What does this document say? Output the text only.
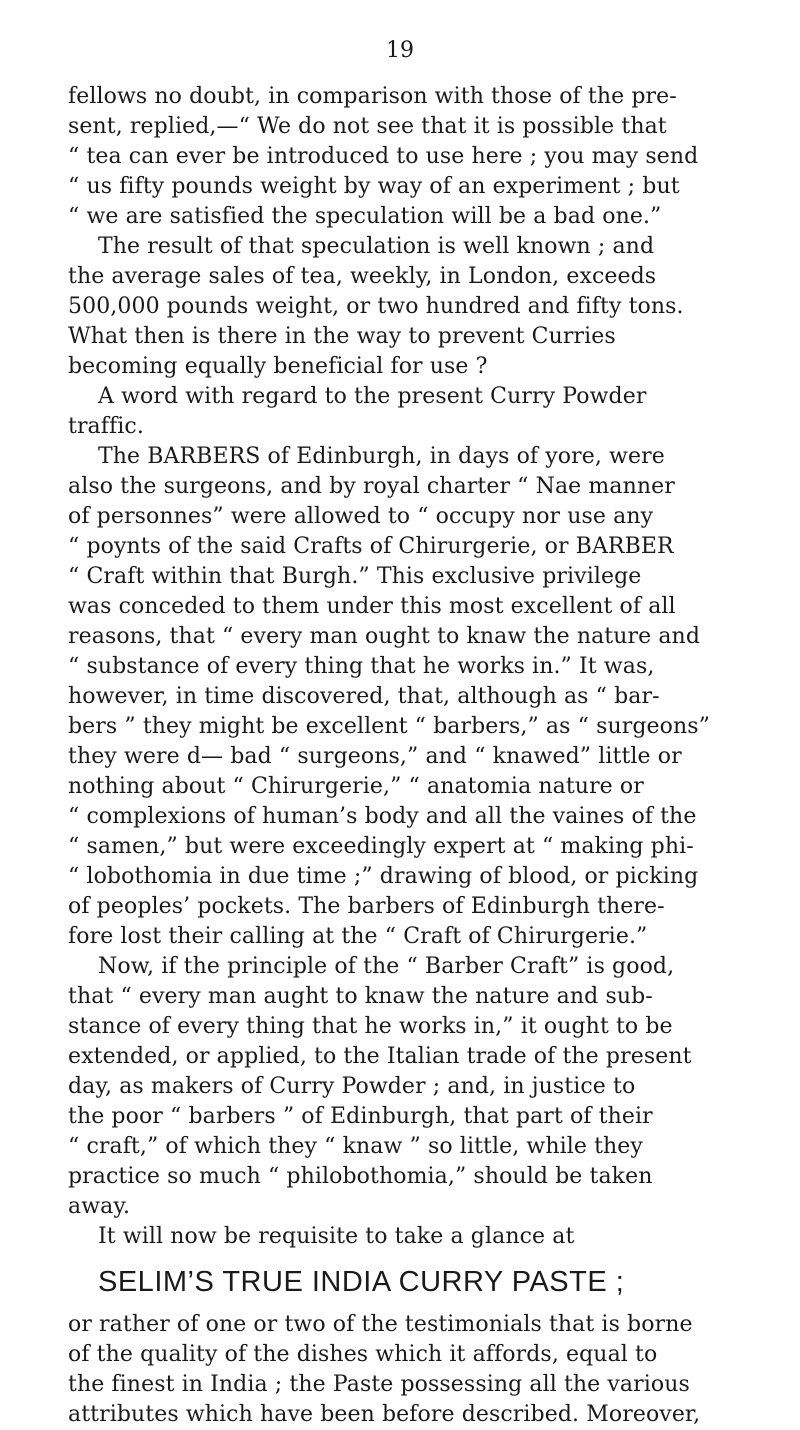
19
fellows no doubt, in comparison with those of the pre-
sent, replied,—“ We do not see that it is possible that
“ tea can ever be introduced to use here ; you may send
“ us fifty pounds weight by way of an experiment ; but
“ we are satisfied the speculation will be a bad one.”
The result of that speculation is well known ; and
the average sales of tea, weekly, in London, exceeds
500,000 pounds weight, or two hundred and fifty tons.
What then is there in the way to prevent Curries
becoming equally beneficial for use ?
A word with regard to the present Curry Powder
traffic.
The BARBERS of Edinburgh, in days of yore, were
also the surgeons, and by royal charter “ Nae manner
of personnes” were allowed to “ occupy nor use any
“ poynts of the said Crafts of Chirurgerie, or BARBER
“ Craft within that Burgh.” This exclusive privilege
was conceded to them under this most excellent of all
reasons, that “ every man ought to knaw the nature and
“ substance of every thing that he works in.” It was,
however, in time discovered, that, although as “ bar-
bers ” they might be excellent “ barbers,” as “ surgeons”
they were d— bad “ surgeons,” and “ knawed” little or
nothing about “ Chirurgerie,” “ anatomia nature or
“ complexions of human’s body and all the vaines of the
“ samen,” but were exceedingly expert at “ making phi-
“ lobothomia in due time ;” drawing of blood, or picking
of peoples’ pockets. The barbers of Edinburgh there-
fore lost their calling at the “ Craft of Chirurgerie.”
Now, if the principle of the “ Barber Craft” is good,
that “ every man aught to knaw the nature and sub-
stance of every thing that he works in,” it ought to be
extended, or applied, to the Italian trade of the present
day, as makers of Curry Powder ; and, in justice to
the poor “ barbers ” of Edinburgh, that part of their
“ craft,” of which they “ knaw ” so little, while they
practice so much “ philobothomia,” should be taken
away.
It will now be requisite to take a glance at
SELIM’S TRUE INDIA CURRY PASTE ;
or rather of one or two of the testimonials that is borne
of the quality of the dishes which it affords, equal to
the finest in India ; the Paste possessing all the various
attributes which have been before described. Moreover,
